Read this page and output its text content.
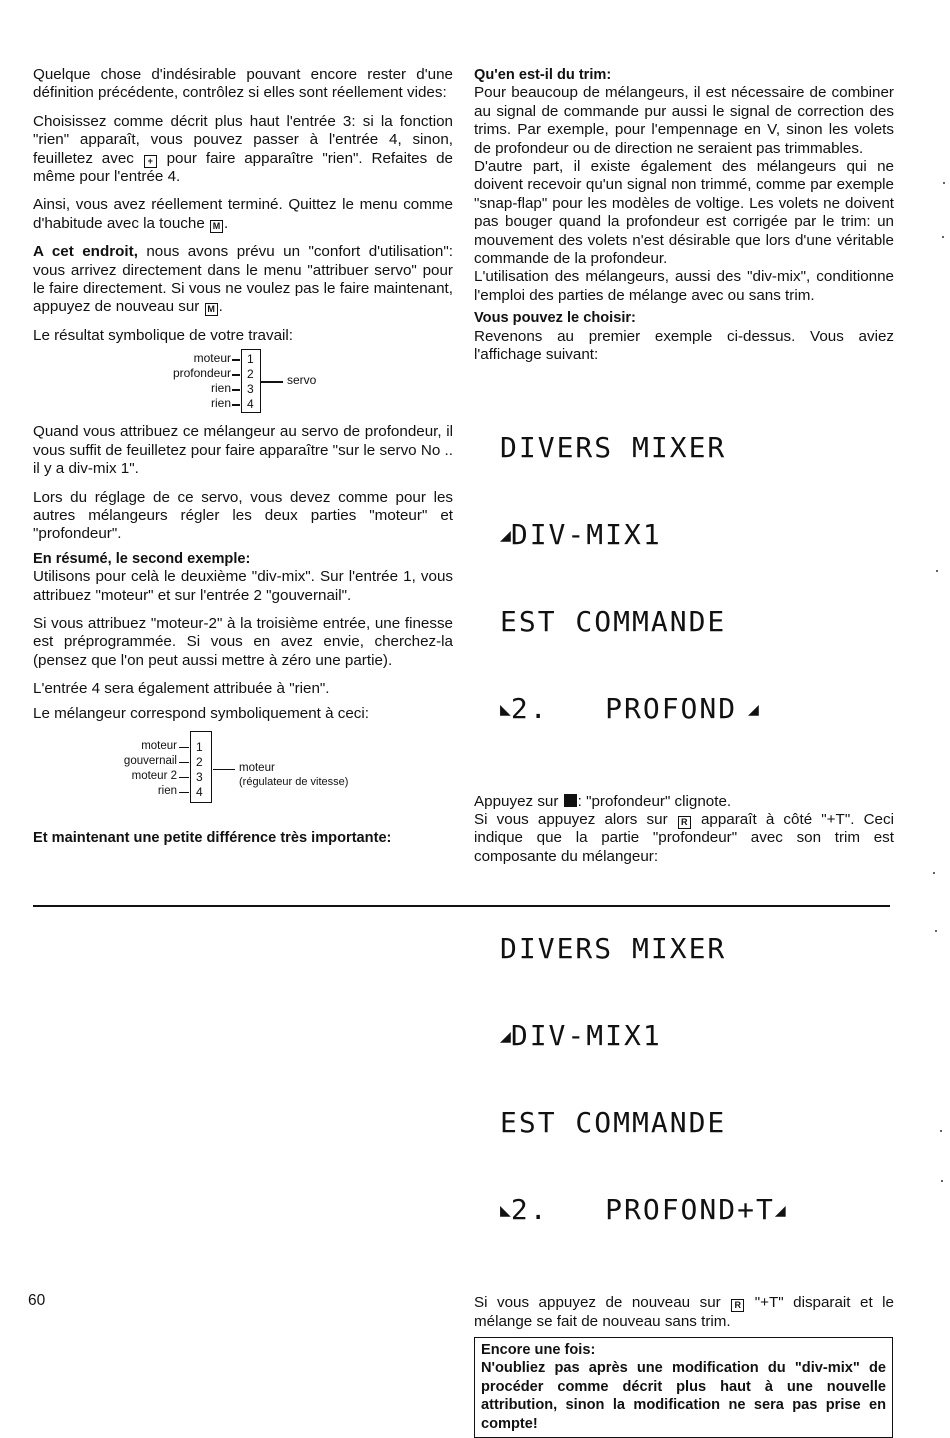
Quelque chose d'indésirable pouvant encore rester d'une définition précédente, contrôlez si elles sont réellement vides:

Choisissez comme décrit plus haut l'entrée 3: si la fonction "rien" apparaît, vous pouvez passer à l'entrée 4, sinon, feuilletez avec + pour faire apparaître "rien". Refaites de même pour l'entrée 4.

Ainsi, vous avez réellement terminé. Quittez le menu comme d'habitude avec la touche M .

A cet endroit, nous avons prévu un "confort d'utilisation": vous arrivez directement dans le menu "attribuer servo" pour le faire directement. Si vous ne voulez pas le faire maintenant, appuyez de nouveau sur M .

Le résultat symbolique de votre travail:

moteur
profondeur
rien
rien
1
2
3
4
servo

Quand vous attribuez ce mélangeur au servo de profondeur, il vous suffit de feuilletez pour faire apparaître "sur le servo No .. il y a div-mix 1".

Lors du réglage de ce servo, vous devez comme pour les autres mélangeurs régler les deux parties "moteur" et "profondeur".

En résumé, le second exemple:

Utilisons pour celà le deuxième "div-mix". Sur l'entrée 1, vous attribuez "moteur" et sur l'entrée 2 "gouvernail".

Si vous attribuez "moteur-2" à la troisième entrée, une finesse est préprogrammée. Si vous en avez envie, cherchez-la (pensez que l'on peut aussi mettre à zéro une partie).

L'entrée 4 sera également attribuée à "rien".

Le mélangeur correspond symboliquement à ceci:

moteur
gouvernail
moteur 2
rien
1
2
3
4
moteur
(régulateur de vitesse)
Et maintenant une petite différence très importante:
Qu'en est-il du trim:

Pour beaucoup de mélangeurs, il est nécessaire de combiner au signal de commande pur aussi le signal de correction des trims. Par exemple, pour l'empennage en V, sinon les volets de profondeur ou de direction ne seraient pas trimmables.

D'autre part, il existe également des mélangeurs qui ne doivent recevoir qu'un signal non trimmé, comme par exemple "snap-flap" pour les modèles de voltige. Les volets ne doivent pas bouger quand la profondeur est corrigée par le trim: un mouvement des volets n'est désirable que lors d'une véritable commande de la profondeur.

L'utilisation des mélangeurs, aussi des "div-mix", conditionne l'emploi des parties de mélange avec ou sans trim.

Vous pouvez le choisir:

Revenons au premier exemple ci-dessus. Vous aviez l'affichage suivant:

DIVERS MIXER

◢DIV-MIX1

EST COMMANDE

◣2.   PROFOND ◢

Appuyez sur : "profondeur" clignote.

Si vous appuyez alors sur R apparaît à côté "+T". Ceci indique que la partie "profondeur" avec son trim est composante du mélangeur:

DIVERS MIXER

◢DIV-MIX1

EST COMMANDE

◣2.   PROFOND+T◢

Si vous appuyez de nouveau sur R "+T" disparait et le mélange se fait de nouveau sans trim.

Encore une fois:
N'oubliez pas après une modification du "div-mix" de procéder comme décrit plus haut à une nouvelle attribution, sinon la modification ne sera pas prise en compte!
60
